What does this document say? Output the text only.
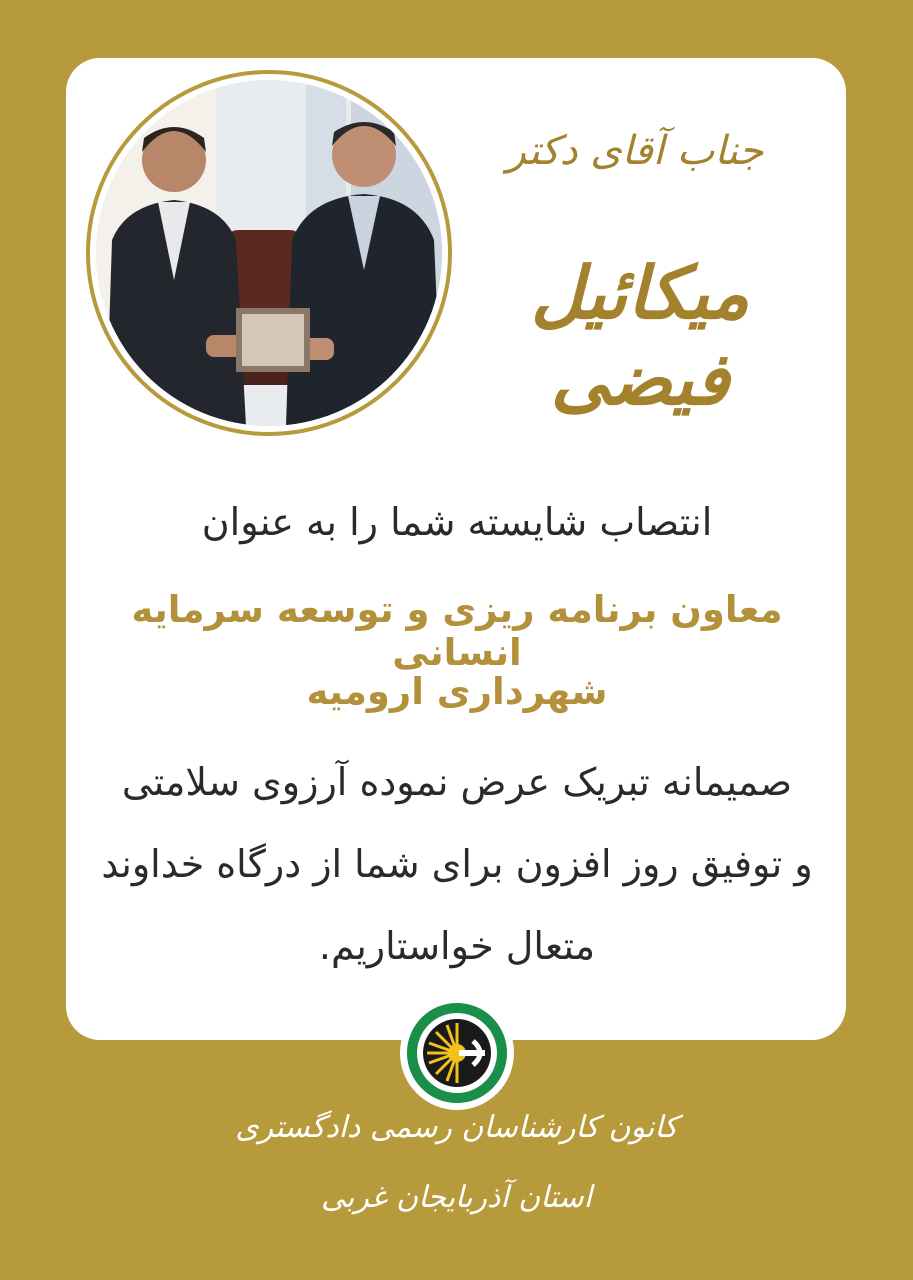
جناب آقای دکتر
میکائیل فیضی

انتصاب شایسته شما را به عنوان

معاون برنامه ریزی و توسعه سرمایه انسانی

شهرداری ارومیه

صمیمانه تبریک عرض نموده آرزوی سلامتی

و توفیق روز افزون برای شما از درگاه خداوند

متعال خواستاریم.

کانون کارشناسان رسمی دادگستری
استان آذربایجان غربی
